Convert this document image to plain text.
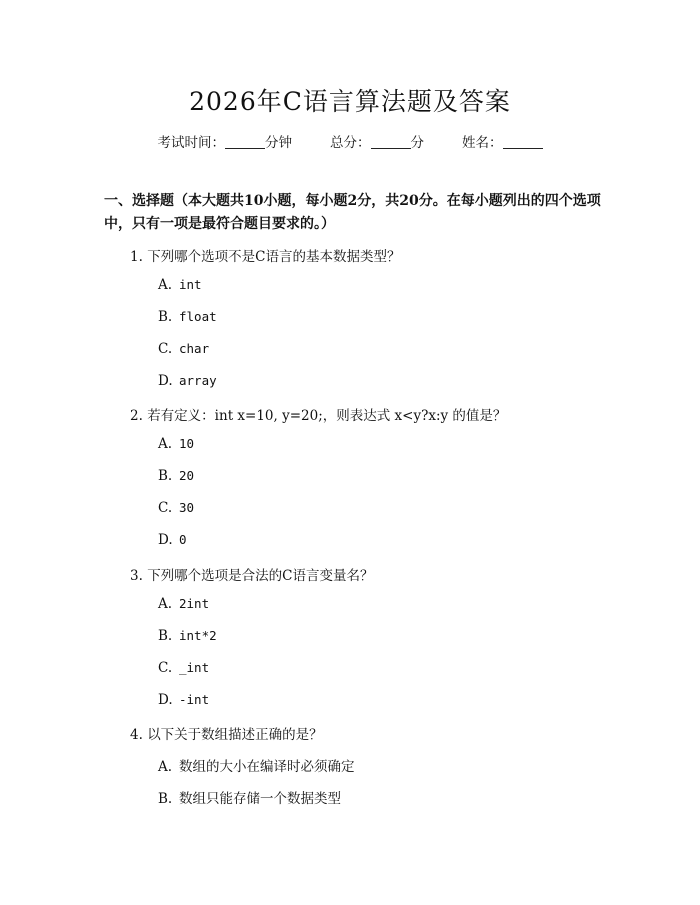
2026年C语言算法题及答案
考试时间：	分钟	总分：	分	姓名：
一、选择题（本大题共10小题，每小题2分，共20分。在每小题列出的四个选项中，只有一项是最符合题目要求的。）
1. 下列哪个选项不是C语言的基本数据类型？
A. int
B. float
C. char
D. array
2. 若有定义：int x=10, y=20;，则表达式 x<y?x:y 的值是？
A. 10
B. 20
C. 30
D. 0
3. 下列哪个选项是合法的C语言变量名？
A. 2int
B. int*2
C. _int
D. -int
4. 以下关于数组描述正确的是？
A. 数组的大小在编译时必须确定
B. 数组只能存储一个数据类型
